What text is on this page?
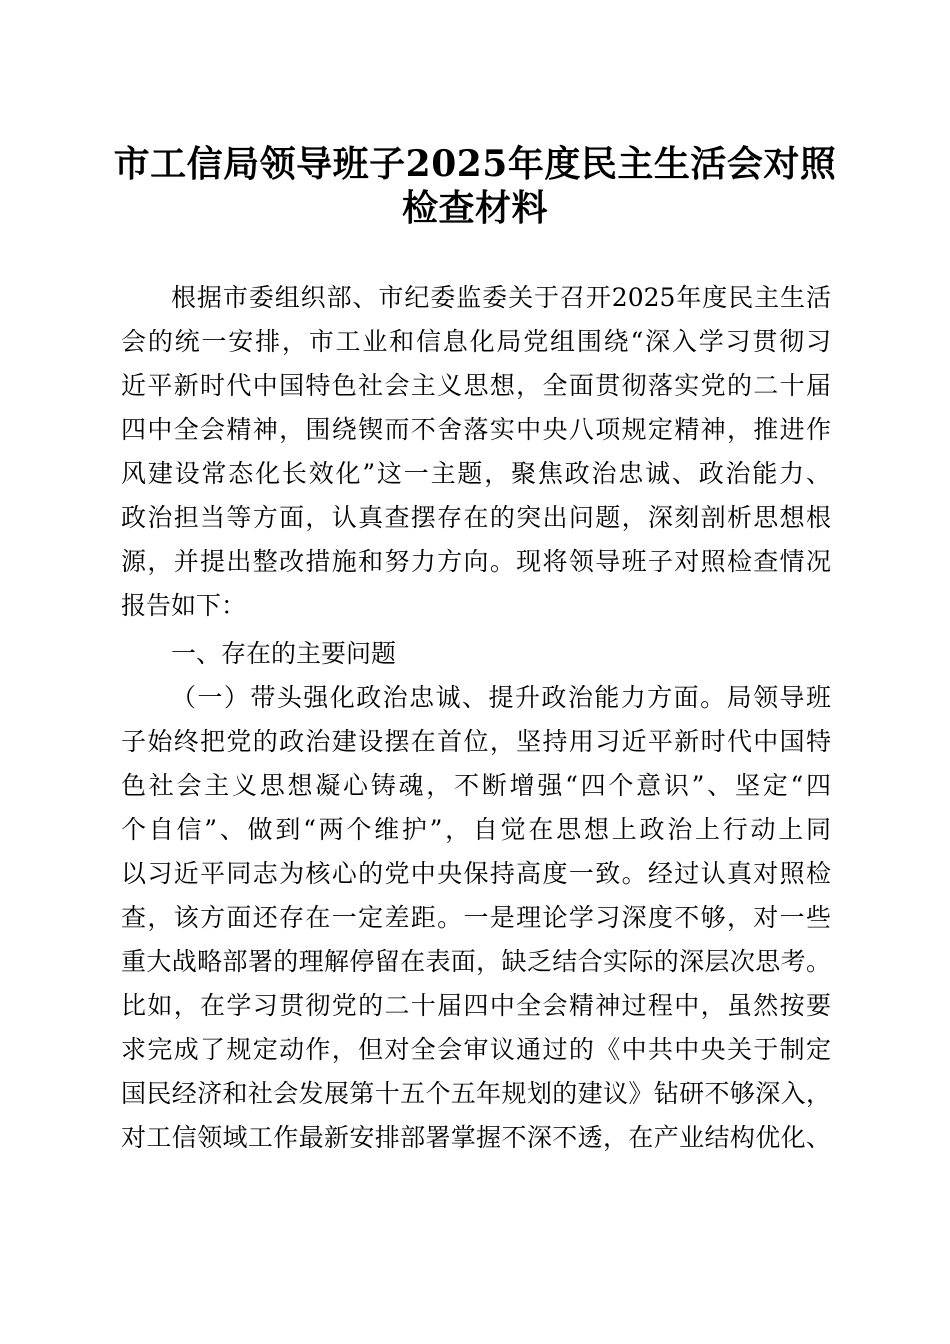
市工信局领导班子2025年度民主生活会对照
检查材料
根据市委组织部、市纪委监委关于召开2025年度民主生活
会的统一安排，市工业和信息化局党组围绕“深入学习贯彻习
近平新时代中国特色社会主义思想，全面贯彻落实党的二十届
四中全会精神，围绕锲而不舍落实中央八项规定精神，推进作
风建设常态化长效化”这一主题，聚焦政治忠诚、政治能力、
政治担当等方面，认真查摆存在的突出问题，深刻剖析思想根
源，并提出整改措施和努力方向。现将领导班子对照检查情况
报告如下：
一、存在的主要问题
（一）带头强化政治忠诚、提升政治能力方面。局领导班
子始终把党的政治建设摆在首位，坚持用习近平新时代中国特
色社会主义思想凝心铸魂，不断增强“四个意识”、坚定“四
个自信”、做到“两个维护”，自觉在思想上政治上行动上同
以习近平同志为核心的党中央保持高度一致。经过认真对照检
查，该方面还存在一定差距。一是理论学习深度不够，对一些
重大战略部署的理解停留在表面，缺乏结合实际的深层次思考。
比如，在学习贯彻党的二十届四中全会精神过程中，虽然按要
求完成了规定动作，但对全会审议通过的《中共中央关于制定
国民经济和社会发展第十五个五年规划的建议》钻研不够深入，
对工信领域工作最新安排部署掌握不深不透，在产业结构优化、
